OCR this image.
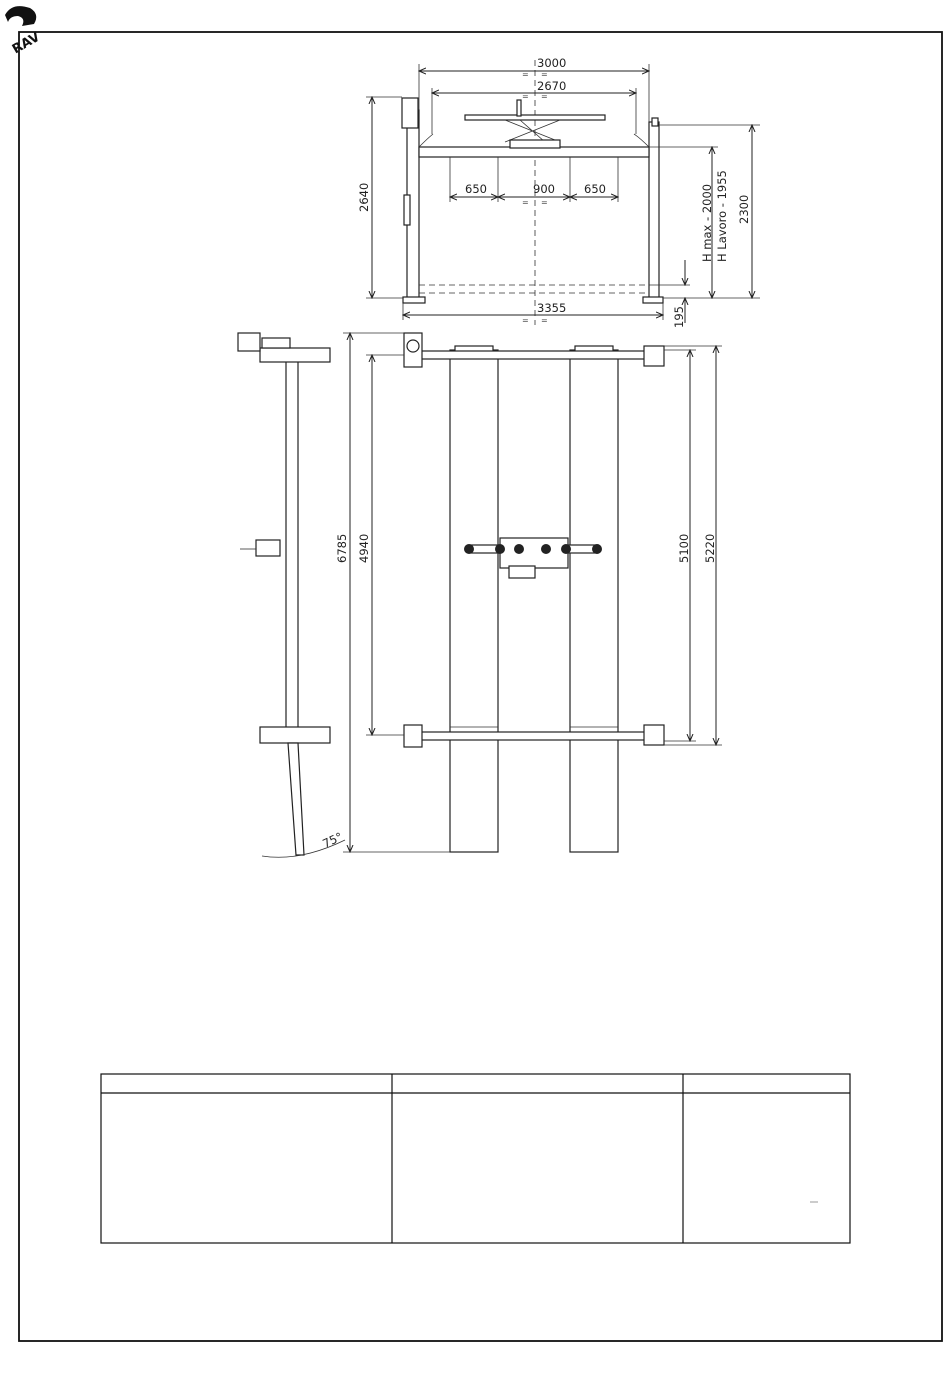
RAV
3000
= =
2670
= =
650	900	650
= =
3355
= =
2640	H max - 2000 H Lavoro - 1955 2300
195
6785 4940	5100 5220
75°
